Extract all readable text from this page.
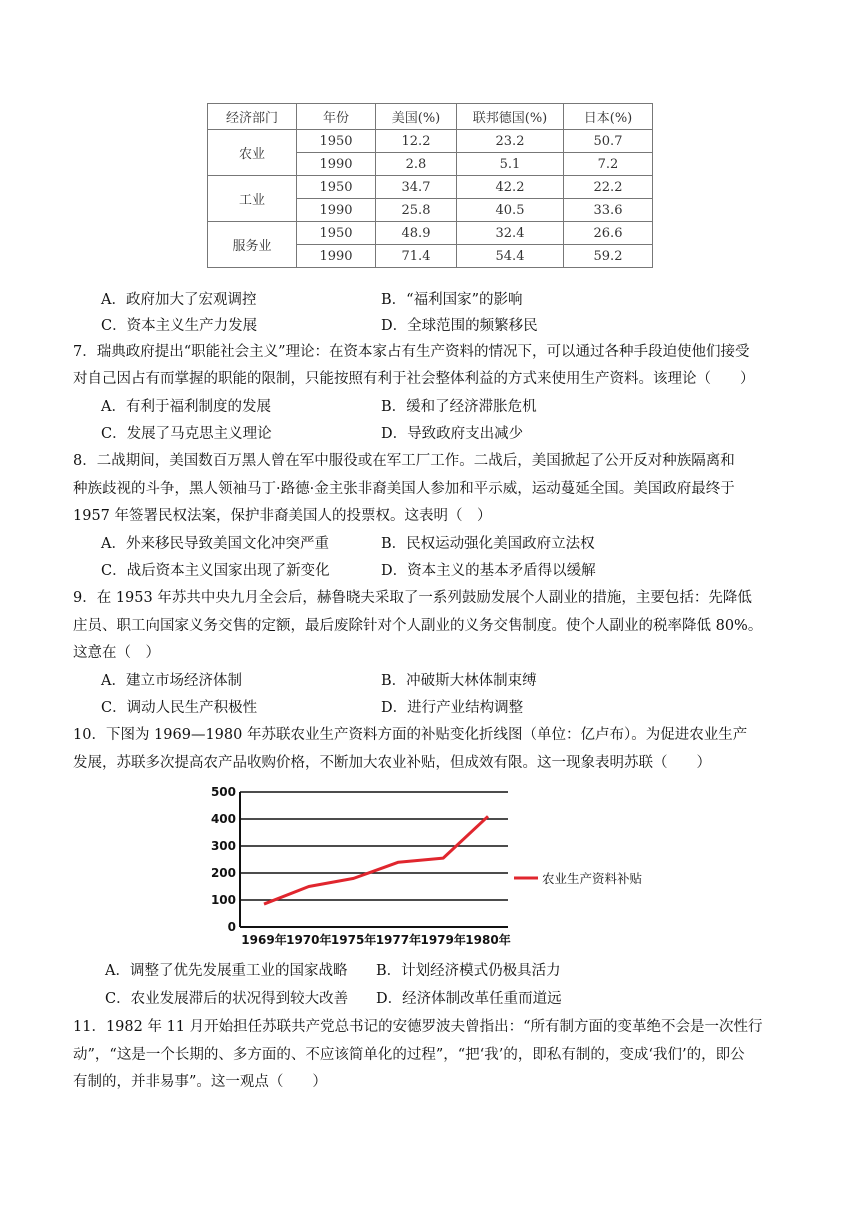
经济部门	年份	美国(%)	联邦德国(%)	日本(%)
农业	1950	12.2	23.2	50.7
	1990	2.8	5.1	7.2
工业	1950	34.7	42.2	22.2
	1990	25.8	40.5	33.6
服务业	1950	48.9	32.4	26.6
	1990	71.4	54.4	59.2
A．政府加大了宏观调控	B．“福利国家”的影响
C．资本主义生产力发展	D．全球范围的频繁移民
7．瑞典政府提出“职能社会主义”理论：在资本家占有生产资料的情况下，可以通过各种手段迫使他们接受
对自己因占有而掌握的职能的限制，只能按照有利于社会整体利益的方式来使用生产资料。该理论（　　）
A．有利于福利制度的发展	B．缓和了经济滞胀危机
C．发展了马克思主义理论	D．导致政府支出减少
8．二战期间，美国数百万黑人曾在军中服役或在军工厂工作。二战后，美国掀起了公开反对种族隔离和
种族歧视的斗争，黑人领袖马丁·路德·金主张非裔美国人参加和平示威，运动蔓延全国。美国政府最终于
1957 年签署民权法案，保护非裔美国人的投票权。这表明（　）
A．外来移民导致美国文化冲突严重	B．民权运动强化美国政府立法权
C．战后资本主义国家出现了新变化	D．资本主义的基本矛盾得以缓解
9．在 1953 年苏共中央九月全会后，赫鲁晓夫采取了一系列鼓励发展个人副业的措施，主要包括：先降低
庄员、职工向国家义务交售的定额，最后废除针对个人副业的义务交售制度。使个人副业的税率降低 80%。
这意在（　）
A．建立市场经济体制	B．冲破斯大林体制束缚
C．调动人民生产积极性	D．进行产业结构调整
10．下图为 1969—1980 年苏联农业生产资料方面的补贴变化折线图（单位：亿卢布）。为促进农业生产
发展，苏联多次提高农产品收购价格，不断加大农业补贴，但成效有限。这一现象表明苏联（　　）
0
100
200
300
400
500
1969年 1970年 1975年 1977年 1979年 1980年
农业生产资料补贴
A．调整了优先发展重工业的国家战略 B．计划经济模式仍极具活力
C．农业发展滞后的状况得到较大改善 D．经济体制改革任重而道远
11．1982 年 11 月开始担任苏联共产党总书记的安德罗波夫曾指出：“所有制方面的变革绝不会是一次性行
动”，“这是一个长期的、多方面的、不应该简单化的过程”，“把‘我’的，即私有制的，变成‘我们’的，即公
有制的，并非易事”。这一观点（　　）
